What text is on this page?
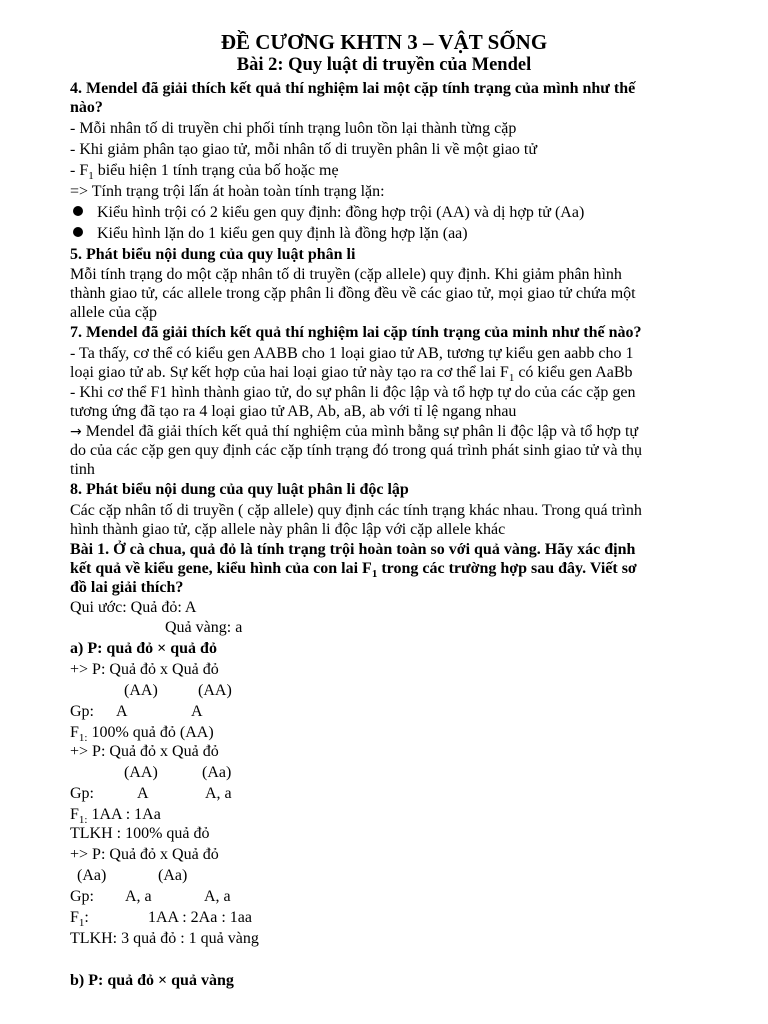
ĐỀ CƯƠNG KHTN 3 – VẬT SỐNG
Bài 2: Quy luật di truyền của Mendel
4. Mendel đã giải thích kết quả thí nghiệm lai một cặp tính trạng của mình như thế
nào?
- Mỗi nhân tố di truyền chi phối tính trạng luôn tồn lại thành từng cặp
- Khi giảm phân tạo giao tử, mỗi nhân tố di truyền phân li về một giao tử
- $F_1$ biểu hiện 1 tính trạng của bố hoặc mẹ
=> Tính trạng trội lấn át hoàn toàn tính trạng lặn:
Kiểu hình trội có 2 kiểu gen quy định: đồng hợp trội (AA) và dị hợp tử (Aa)
Kiểu hình lặn do 1 kiểu gen quy định là đồng hợp lặn (aa)
5. Phát biểu nội dung của quy luật phân li
Mỗi tính trạng do một cặp nhân tố di truyền (cặp allele) quy định. Khi giảm phân hình
thành giao tử, các allele trong cặp phân li đồng đều về các giao tử, mọi giao tử chứa một
allele của cặp
7. Mendel đã giải thích kết quả thí nghiệm lai cặp tính trạng của minh như thế nào?
- Ta thấy, cơ thể có kiểu gen AABB cho 1 loại giao tử AB, tương tự kiểu gen aabb cho 1
loại giao tử ab. Sự kết hợp của hai loại giao tử này tạo ra cơ thể lai $F_1$ có kiểu gen AaBb
- Khi cơ thể F1 hình thành giao tử, do sự phân li độc lập và tổ hợp tự do của các cặp gen
tương ứng đã tạo ra 4 loại giao tử AB, Ab, aB, ab với tỉ lệ ngang nhau
→ Mendel đã giải thích kết quả thí nghiệm của mình bằng sự phân li độc lập và tổ hợp tự
do của các cặp gen quy định các cặp tính trạng đó trong quá trình phát sinh giao tử và thụ
tinh
8. Phát biểu nội dung của quy luật phân li độc lập
Các cặp nhân tố di truyền ( cặp allele) quy định các tính trạng khác nhau. Trong quá trình
hình thành giao tử, cặp allele này phân li độc lập với cặp allele khác
Bài 1. Ở cà chua, quả đỏ là tính trạng trội hoàn toàn so với quả vàng. Hãy xác định
kết quả về kiểu gene, kiểu hình của con lai $F_1$ trong các trường hợp sau đây. Viết sơ
đồ lai giải thích?
Qui ước: Quả đỏ: A
Quả vàng: a
a) P: quả đỏ × quả đỏ
+> P: Quả đỏ x Quả đỏ
(AA)	(AA)
Gp: A	A
$F_{1:}$ 100% quả đỏ (AA)
+> P: Quả đỏ x Quả đỏ
(AA)	(Aa)
Gp:	A	A, a
$F_{1:}$ 1AA : 1Aa
TLKH : 100% quả đỏ
+> P: Quả đỏ x Quả đỏ
(Aa)	(Aa)
Gp: A, a	A, a
$F_1$:	1AA : 2Aa : 1aa
TLKH: 3 quả đỏ : 1 quả vàng
b) P: quả đỏ × quả vàng
